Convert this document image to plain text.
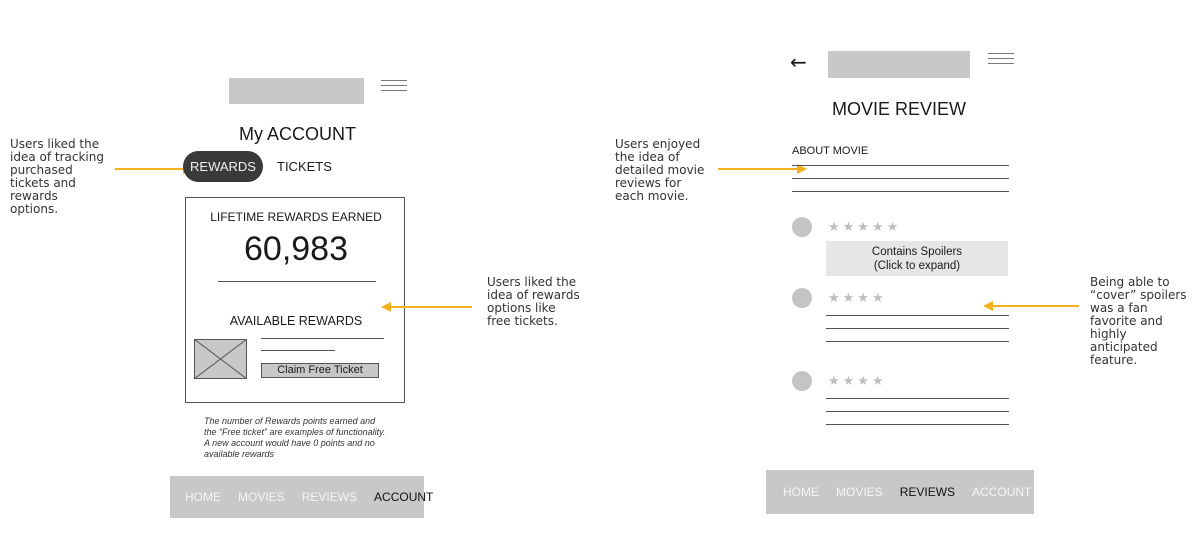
Users liked the
idea of tracking
purchased
tickets and
rewards
options.
My ACCOUNT
REWARDS	TICKETS
LIFETIME REWARDS EARNED
60,983
AVAILABLE REWARDS
Claim Free Ticket
The number of Rewards points earned and the “Free ticket” are examples of functionality. A new account would have 0 points and no available rewards
HOME MOVIES REVIEWS ACCOUNT
Users liked the
idea of rewards
options like
free tickets.
Users enjoyed
the idea of
detailed movie
reviews for
each movie.
←
MOVIE REVIEW
ABOUT MOVIE
★★★★★
Contains Spoilers
(Click to expand)
★★★★
★★★★
HOME MOVIES REVIEWS ACCOUNT
Being able to
“cover” spoilers
was a fan
favorite and
highly
anticipated
feature.
